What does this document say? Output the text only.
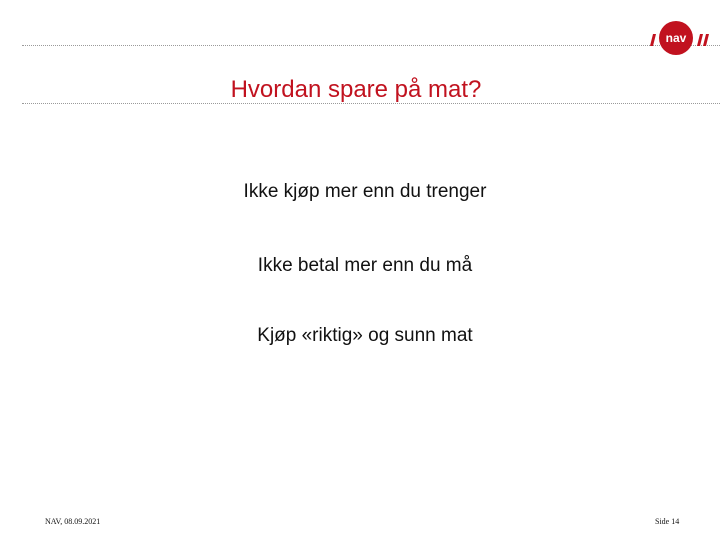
nav
Hvordan spare på mat?
Ikke kjøp mer enn du trenger
Ikke betal mer enn du må
Kjøp «riktig» og sunn mat
NAV, 08.09.2021	Side 14
